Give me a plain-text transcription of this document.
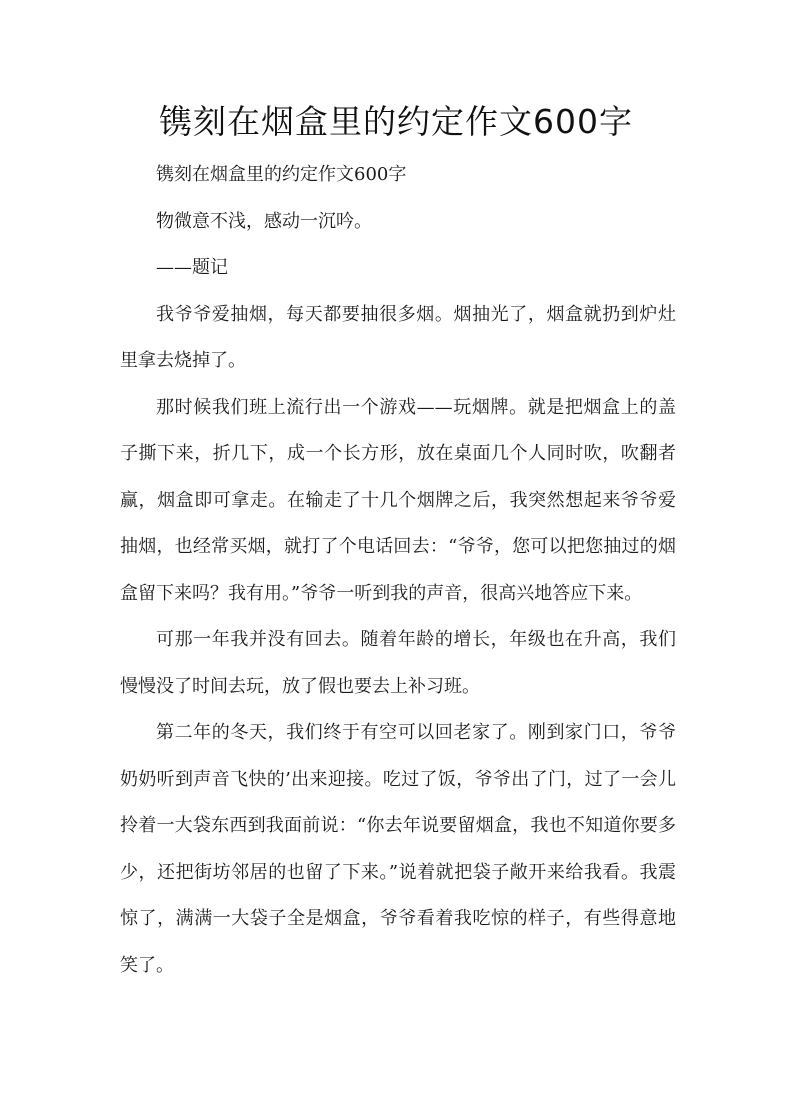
镌刻在烟盒里的约定作文600字

镌刻在烟盒里的约定作文600字

物微意不浅，感动一沉吟。

——题记

我爷爷爱抽烟，每天都要抽很多烟。烟抽光了，烟盒就扔到炉灶里拿去烧掉了。

那时候我们班上流行出一个游戏——玩烟牌。就是把烟盒上的盖子撕下来，折几下，成一个长方形，放在桌面几个人同时吹，吹翻者赢，烟盒即可拿走。在输走了十几个烟牌之后，我突然想起来爷爷爱抽烟，也经常买烟，就打了个电话回去：“爷爷，您可以把您抽过的烟盒留下来吗？我有用。”爷爷一听到我的声音，很高兴地答应下来。

可那一年我并没有回去。随着年龄的增长，年级也在升高，我们慢慢没了时间去玩，放了假也要去上补习班。

第二年的冬天，我们终于有空可以回老家了。刚到家门口，爷爷奶奶听到声音飞快的’出来迎接。吃过了饭，爷爷出了门，过了一会儿拎着一大袋东西到我面前说：“你去年说要留烟盒，我也不知道你要多少，还把街坊邻居的也留了下来。”说着就把袋子敞开来给我看。我震惊了，满满一大袋子全是烟盒，爷爷看着我吃惊的样子，有些得意地笑了。
